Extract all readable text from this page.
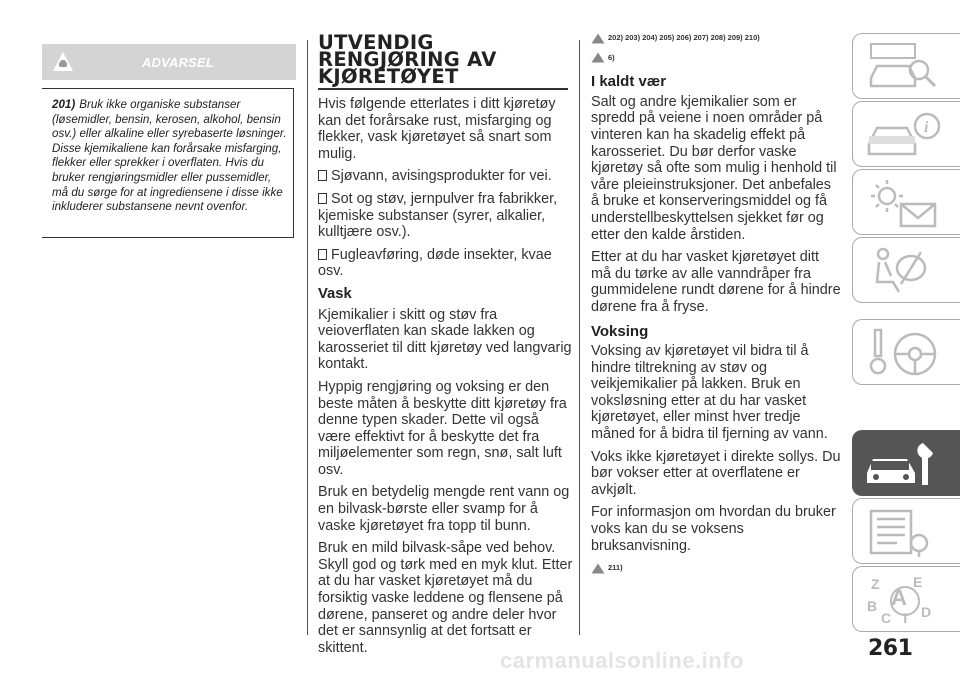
ADVARSEL
201) Bruk ikke organiske substanser (løsemidler, bensin, kerosen, alkohol, bensin osv.) eller alkaline eller syrebaserte løsninger. Disse kjemikaliene kan forårsake misfarging, flekker eller sprekker i overflaten. Hvis du bruker rengjøringsmidler eller pussemidler, må du sørge for at ingrediensene i disse ikke inkluderer substansene nevnt ovenfor.
UTVENDIG RENGJØRING AV KJØRETØYET

Hvis følgende etterlates i ditt kjøretøy kan det forårsake rust, misfarging og flekker, vask kjøretøyet så snart som mulig.

Sjøvann, avisingsprodukter for vei.

Sot og støv, jernpulver fra fabrikker, kjemiske substanser (syrer, alkalier, kulltjære osv.).

Fugleavføring, døde insekter, kvae osv.

Vask

Kjemikalier i skitt og støv fra veioverflaten kan skade lakken og karosseriet til ditt kjøretøy ved langvarig kontakt.

Hyppig rengjøring og voksing er den beste måten å beskytte ditt kjøretøy fra denne typen skader. Dette vil også være effektivt for å beskytte det fra miljøelementer som regn, snø, salt luft osv.

Bruk en betydelig mengde rent vann og en bilvask-børste eller svamp for å vaske kjøretøyet fra topp til bunn.

Bruk en mild bilvask-såpe ved behov. Skyll god og tørk med en myk klut. Etter at du har vasket kjøretøyet må du forsiktig vaske leddene og flensene på dørene, panseret og andre deler hvor det er sannsynlig at det fortsatt er skittent.

202) 203) 204) 205) 206) 207) 208) 209) 210)
6)
I kaldt vær

Salt og andre kjemikalier som er spredd på veiene i noen områder på vinteren kan ha skadelig effekt på karosseriet. Du bør derfor vaske kjøretøy så ofte som mulig i henhold til våre pleieinstruksjoner. Det anbefales å bruke et konserveringsmiddel og få understellbeskyttelsen sjekket før og etter den kalde årstiden.

Etter at du har vasket kjøretøyet ditt må du tørke av alle vanndråper fra gummidelene rundt dørene for å hindre dørene fra å fryse.

Voksing

Voksing av kjøretøyet vil bidra til å hindre tiltrekning av støv og veikjemikalier på lakken. Bruk en voksløsning etter at du har vasket kjøretøyet, eller minst hver tredje måned for å bidra til fjerning av vann.

Voks ikke kjøretøyet i direkte sollys. Du bør vokser etter at overflatene er avkjølt.

For informasjon om hvordan du bruker voks kan du se voksens bruksanvisning.

211)
i
Z E
A
B
C T D
261
carmanualsonline.info
